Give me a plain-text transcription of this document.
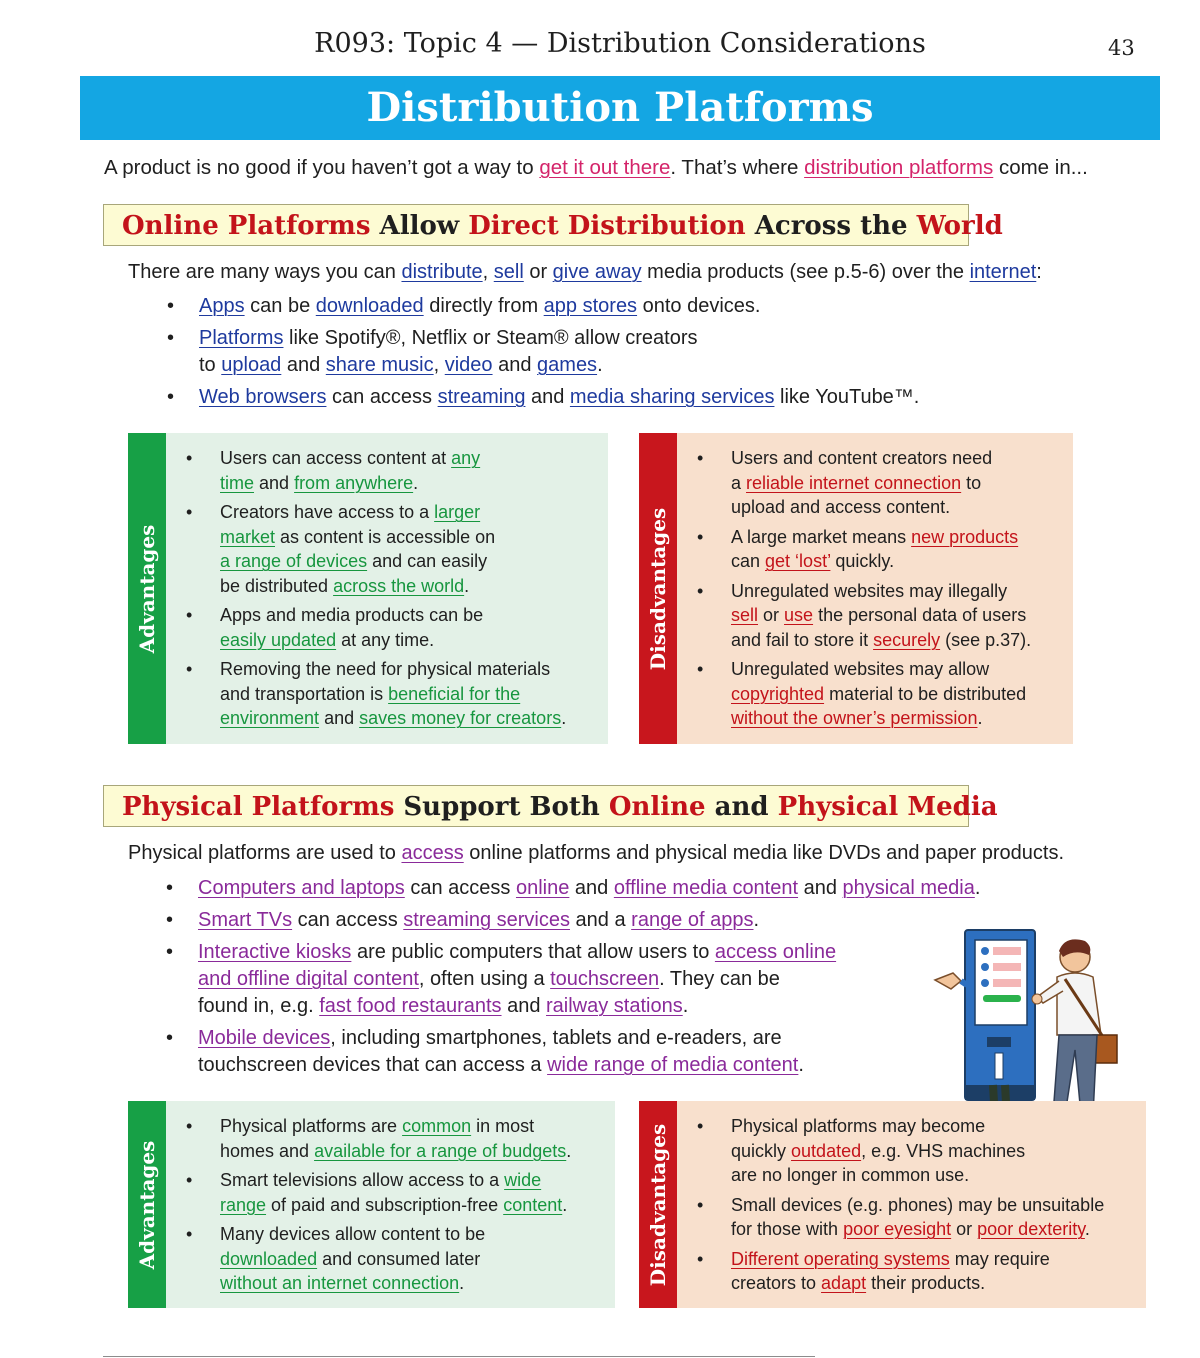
R093: Topic 4 — Distribution Considerations	43
Distribution Platforms
A product is no good if you haven’t got a way to get it out there. That’s where distribution platforms come in...
Online Platforms Allow Direct Distribution Across the World
There are many ways you can distribute, sell or give away media products (see p.5-6) over the internet:
• Apps can be downloaded directly from app stores onto devices.
• Platforms like Spotify®, Netflix or Steam® allow creators
to upload and share music, video and games.
• Web browsers can access streaming and media sharing services like YouTube™.
Advantages
• Users can access content at any
time and from anywhere.
• Creators have access to a larger
market as content is accessible on
a range of devices and can easily
be distributed across the world.
• Apps and media products can be
easily updated at any time.
• Removing the need for physical materials
and transportation is beneficial for the
environment and saves money for creators.
Disadvantages
• Users and content creators need
a reliable internet connection to
upload and access content.
• A large market means new products
can get ‘lost’ quickly.
• Unregulated websites may illegally
sell or use the personal data of users
and fail to store it securely (see p.37).
• Unregulated websites may allow
copyrighted material to be distributed
without the owner’s permission.
Physical Platforms Support Both Online and Physical Media
Physical platforms are used to access online platforms and physical media like DVDs and paper products.
• Computers and laptops can access online and offline media content and physical media.
• Smart TVs can access streaming services and a range of apps.
• Interactive kiosks are public computers that allow users to access online
and offline digital content, often using a touchscreen. They can be
found in, e.g. fast food restaurants and railway stations.
• Mobile devices, including smartphones, tablets and e-readers, are
touchscreen devices that can access a wide range of media content.
Advantages
• Physical platforms are common in most
homes and available for a range of budgets.
• Smart televisions allow access to a wide
range of paid and subscription-free content.
• Many devices allow content to be
downloaded and consumed later
without an internet connection.	Disadvantages
•	Physical platforms may become
quickly outdated, e.g. VHS machines
are no longer in common use.
• Small devices (e.g. phones) may be unsuitable
for those with poor eyesight or poor dexterity.
• Different operating systems may require
creators to adapt their products.
